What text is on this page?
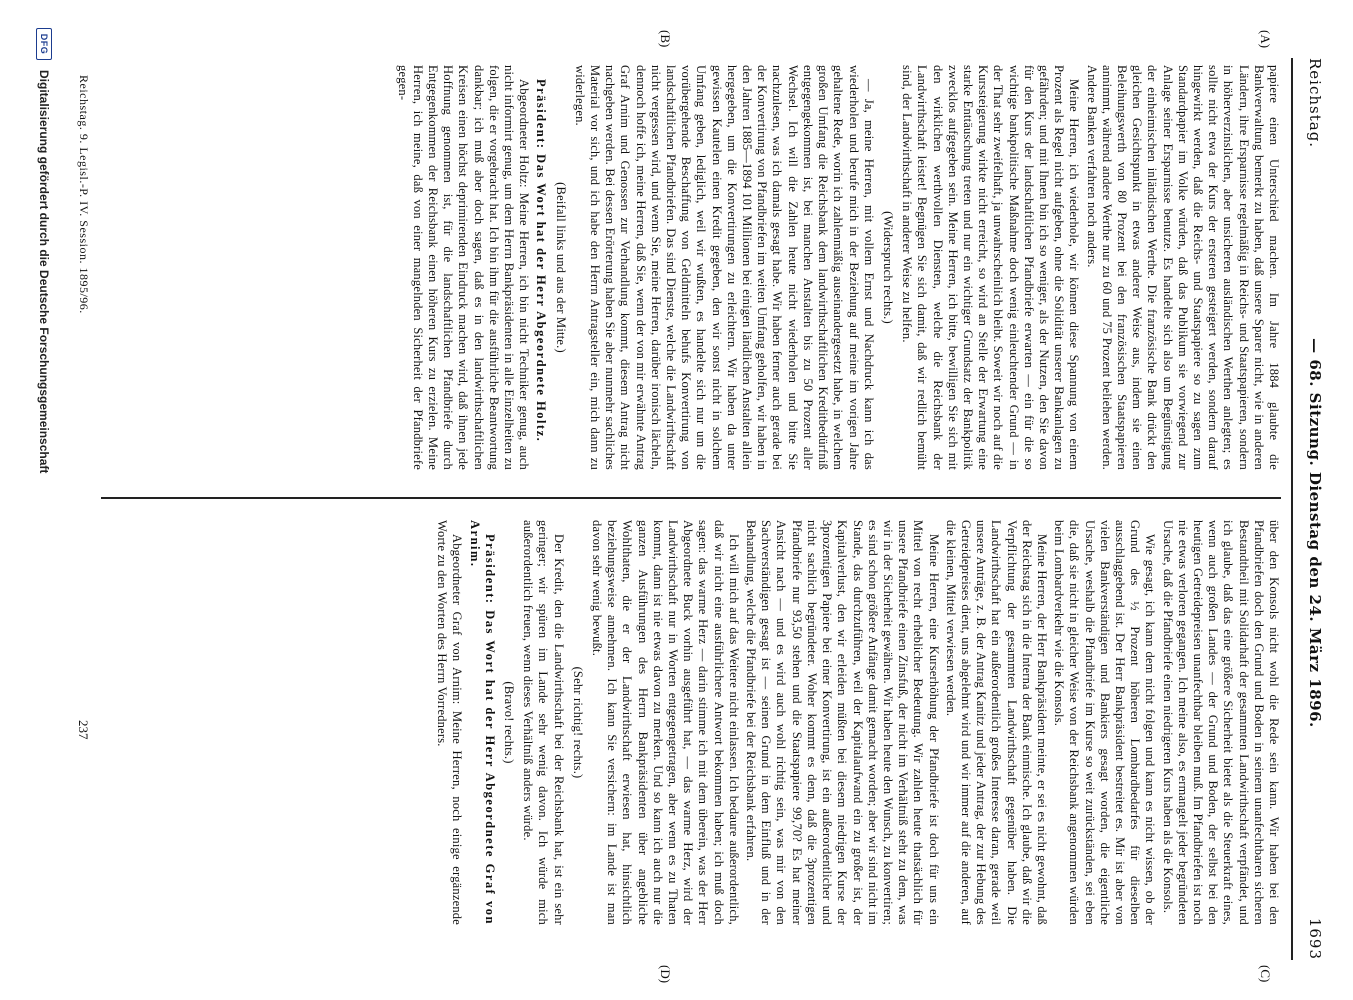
Reichstag.
— 68. Sitzung. Dienstag den 24. März 1896.
1693
(A)
(B)
(C)
(D)

papiere einen Unterschied machen. Im Jahre 1884 glaubte die Bankverwaltung bemerkt zu haben, daß unsere Sparer nicht, wie in anderen Ländern, ihre Ersparnisse regelmäßig in Reichs- und Staatspapieren, sondern in höherverzinslichen, aber unsicheren ausländischen Werthen anlegten; es sollte nicht etwa der Kurs der ersteren gesteigert werden, sondern darauf hingewirkt werden, daß die Reichs- und Staatspapiere so zu sagen zum Standardpapier im Volke würden, daß das Publikum sie vorwiegend zur Anlage seiner Ersparnisse benutze. Es handelte sich also um Begünstigung der einheimischen inländischen Werthe. Die französische Bank drückt den gleichen Gesichtspunkt in etwas anderer Weise aus, indem sie einen Beleihungswerth von 80 Prozent bei den französischen Staatspapieren annimmt, während andere Werthe nur zu 60 und 75 Prozent beliehen werden. Andere Banken verfahren noch anders.

Meine Herren, ich wiederhole, wir können diese Spannung von einem Prozent als Regel nicht aufgeben, ohne die Solidität unserer Bankanlagen zu gefährden; und mit Ihnen bin ich so weniger, als der Nutzen, den Sie davon für den Kurs der landschaftlichen Pfandbriefe erwarten — ein für die so wichtige bankpolitische Maßnahme doch wenig einleuchtender Grund — in der That sehr zweifelhaft, ja unwahrscheinlich bleibt. Soweit wir noch auf die Kurssteigerung wirkte nicht erreicht, so wird an Stelle der Erwartung eine starke Enttäuschung treten und nur ein wichtiger Grundsatz der Bankpolitik zwecklos aufgegeben sein. Meine Herren, ich bitte, bewilligen Sie sich mit den wirklichen werthvollen Diensten, welche die Reichsbank der Landwirthschaft leistet! Begnügen Sie sich damit, daß wir redlich bemüht sind, der Landwirthschaft in anderer Weise zu helfen.

(Widerspruch rechts.)

— Ja, meine Herren, mit vollem Ernst und Nachdruck kann ich das wiederholen und berufe mich in der Beziehung auf meine im vorigen Jahre gehaltene Rede, worin ich zahlenmäßig auseinandergesetzt habe, in welchem großen Umfang die Reichsbank dem landwirthschaftlichen Kreditbedürfniß entgegengekommen ist, bei manchen Anstalten bis zu 50 Prozent aller Wechsel. Ich will die Zahlen heute nicht wiederholen und bitte Sie nachzulesen, was ich damals gesagt habe. Wir haben ferner auch gerade bei der Konvertirung von Pfandbriefen im weiten Umfang geholfen, wir haben in den Jahren 1885—1894 101 Millionen bei einigen ländlichen Anstalten allein hergegeben, um die Konvertirungen zu erleichtern. Wir haben da unter gewissen Kautelen einen Kredit gegeben, den wir sonst nicht in solchem Umfang geben, lediglich, weil wir wußten, es handelte sich nur um die vorübergehende Beschaffung von Geldmitteln behufs Konvertirung von landschaftlichen Pfandbriefen. Das sind Dienste, welche die Landwirthschaft nicht vergessen wird, und wenn Sie, meine Herren, darüber ironisch lächeln, dennoch hoffe ich, meine Herren, daß Sie, wenn der von mir erwähnte Antrag Graf Arnim und Genossen zur Verhandlung kommt, diesem Antrag nicht nachgeben werden. Bei dessen Erörterung haben Sie aber nunmehr sachliches Material vor sich, und ich habe den Herrn Antragsteller ein, mich dann zu widerlegen.

(Beifall links und aus der Mitte.)

Präsident: Das Wort hat der Herr Abgeordnete Holtz.

Abgeordneter Holtz: Meine Herren, ich bin nicht Techniker genug, auch nicht informirt genug, um dem Herrn Bankpräsidenten in alle Einzelheiten zu folgen, die er vorgebracht hat. Ich bin ihm für die ausführliche Beantwortung dankbar; ich muß aber doch sagen, daß es in den landwirthschaftlichen Kreisen einen höchst deprimirenden Eindruck machen wird, daß ihnen jede Hoffnung genommen ist, für die landschaftlichen Pfandbriefe durch Entgegenkommen der Reichsbank einen höheren Kurs zu erzielen. Meine Herren, ich meine, daß von einer mangelnden Sicherheit der Pfandbriefe gegen-

über den Konsols nicht wohl die Rede sein kann. Wir haben bei den Pfandbriefen doch den Grund und Boden in seinem unanfechtbaren sicheren Bestandtheil mit Solidarhaft der gesammten Landwirthschaft verpfändet, und ich glaube, daß das eine größere Sicherheit bietet als die Steuerkraft eines, wenn auch großen Landes — der Grund und Boden, der selbst bei den heutigen Getreidepreisen unanfechtbar bleiben muß. Im Pfandbriefen ist noch nie etwas verloren gegangen. Ich meine also, es ermangelt jeder begründeten Ursache, daß die Pfandbriefe einen niedrigeren Kurs haben als die Konsols.

Wie gesagt, ich kann dem nicht folgen und kann es nicht wissen, ob der Grund des ½ Prozent höheren Lombardbedarfes für dieselben ausschlaggebend ist. Der Herr Bankpräsident bestreitet es. Mir ist aber von vielen Bankverständigen und Bankiers gesagt worden, die eigentliche Ursache, weshalb die Pfandbriefe im Kurse so weit zurückständen, sei eben die, daß sie nicht in gleicher Weise von der Reichsbank angenommen würden beim Lombardverkehr wie die Konsols.

Meine Herren, der Herr Bankpräsident meinte, er sei es nicht gewohnt, daß der Reichstag sich in die Interna der Bank einmische. Ich glaube, daß wir die Verpflichtung der gesammten Landwirthschaft gegenüber haben. Die Landwirthschaft hat ein außerordentlich großes Interesse daran, gerade weil unsere Anträge, z. B. der Antrag Kanitz und jeder Antrag, der zur Hebung des Getreidepreises dient, uns abgelehnt wird und wir immer auf die anderen, auf die kleinen, Mittel verwiesen werden.

Meine Herren, eine Kurserhöhung der Pfandbriefe ist doch für uns ein Mittel von recht erheblicher Bedeutung. Wir zahlen heute thatsächlich für unsere Pfandbriefe einen Zinsfuß, der nicht im Verhältniß steht zu dem, was wir in der Sicherheit gewähren. Wir haben heute den Wunsch, zu konvertiren; es sind schon größere Anfänge damit gemacht worden; aber wir sind nicht im Stande, das durchzuführen, weil der Kapitalaufwand ein zu großer ist, der Kapitalverlust, den wir erleiden müßten bei diesem niedrigen Kurse der 3prozentigen Papiere bei einer Konvertirung, ist ein außerordentlicher und nicht sachlich begründeter. Woher kommt es denn, daß die 3prozentigen Pfandbriefe nur 93,50 stehen und die Staatspapiere 99,70? Es hat meiner Ansicht nach — und es wird auch wohl richtig sein, was mir von den Sachverständigen gesagt ist — seinen Grund in dem Einfluß und in der Behandlung, welche die Pfandbriefe bei der Reichsbank erfahren.

Ich will mich auf das Weitere nicht einlassen. Ich bedaure außerordentlich, daß wir nicht eine ausführlichere Antwort bekommen haben; ich muß doch sagen: das warme Herz — darin stimme ich mit dem überein, was der Herr Abgeordnete Buck vorhin ausgeführt hat, — das warme Herz, wird der Landwirthschaft nur in Worten entgegengetragen, aber wenn es zu Thaten kommt, dann ist nie etwas davon zu merken. Und so kann ich auch nur die ganzen Ausführungen des Herrn Bankpräsidenten über angebliche Wohlthaten, die er der Landwirthschaft erwiesen hat, hinsichtlich beziehungsweise annehmen. Ich kann Sie versichern: im Lande ist man davon sehr wenig bewußt.

(Sehr richtig! rechts.)

Der Kredit, den die Landwirthschaft bei der Reichsbank hat, ist ein sehr geringer; wir spüren im Lande sehr wenig davon. Ich würde mich außerordentlich freuen, wenn dieses Verhältniß anders würde.

(Bravo! rechts.)

Präsident: Das Wort hat der Herr Abgeordnete Graf von Arnim.

Abgeordneter Graf von Arnim: Meine Herren, noch einige ergänzende Worte zu den Worten des Herrn Vorredners.

Reichstag. 9. Legisl.-P. IV. Session. 1895/96.
237
DFG
Digitalisierung gefördert durch die Deutsche Forschungsgemeinschaft
